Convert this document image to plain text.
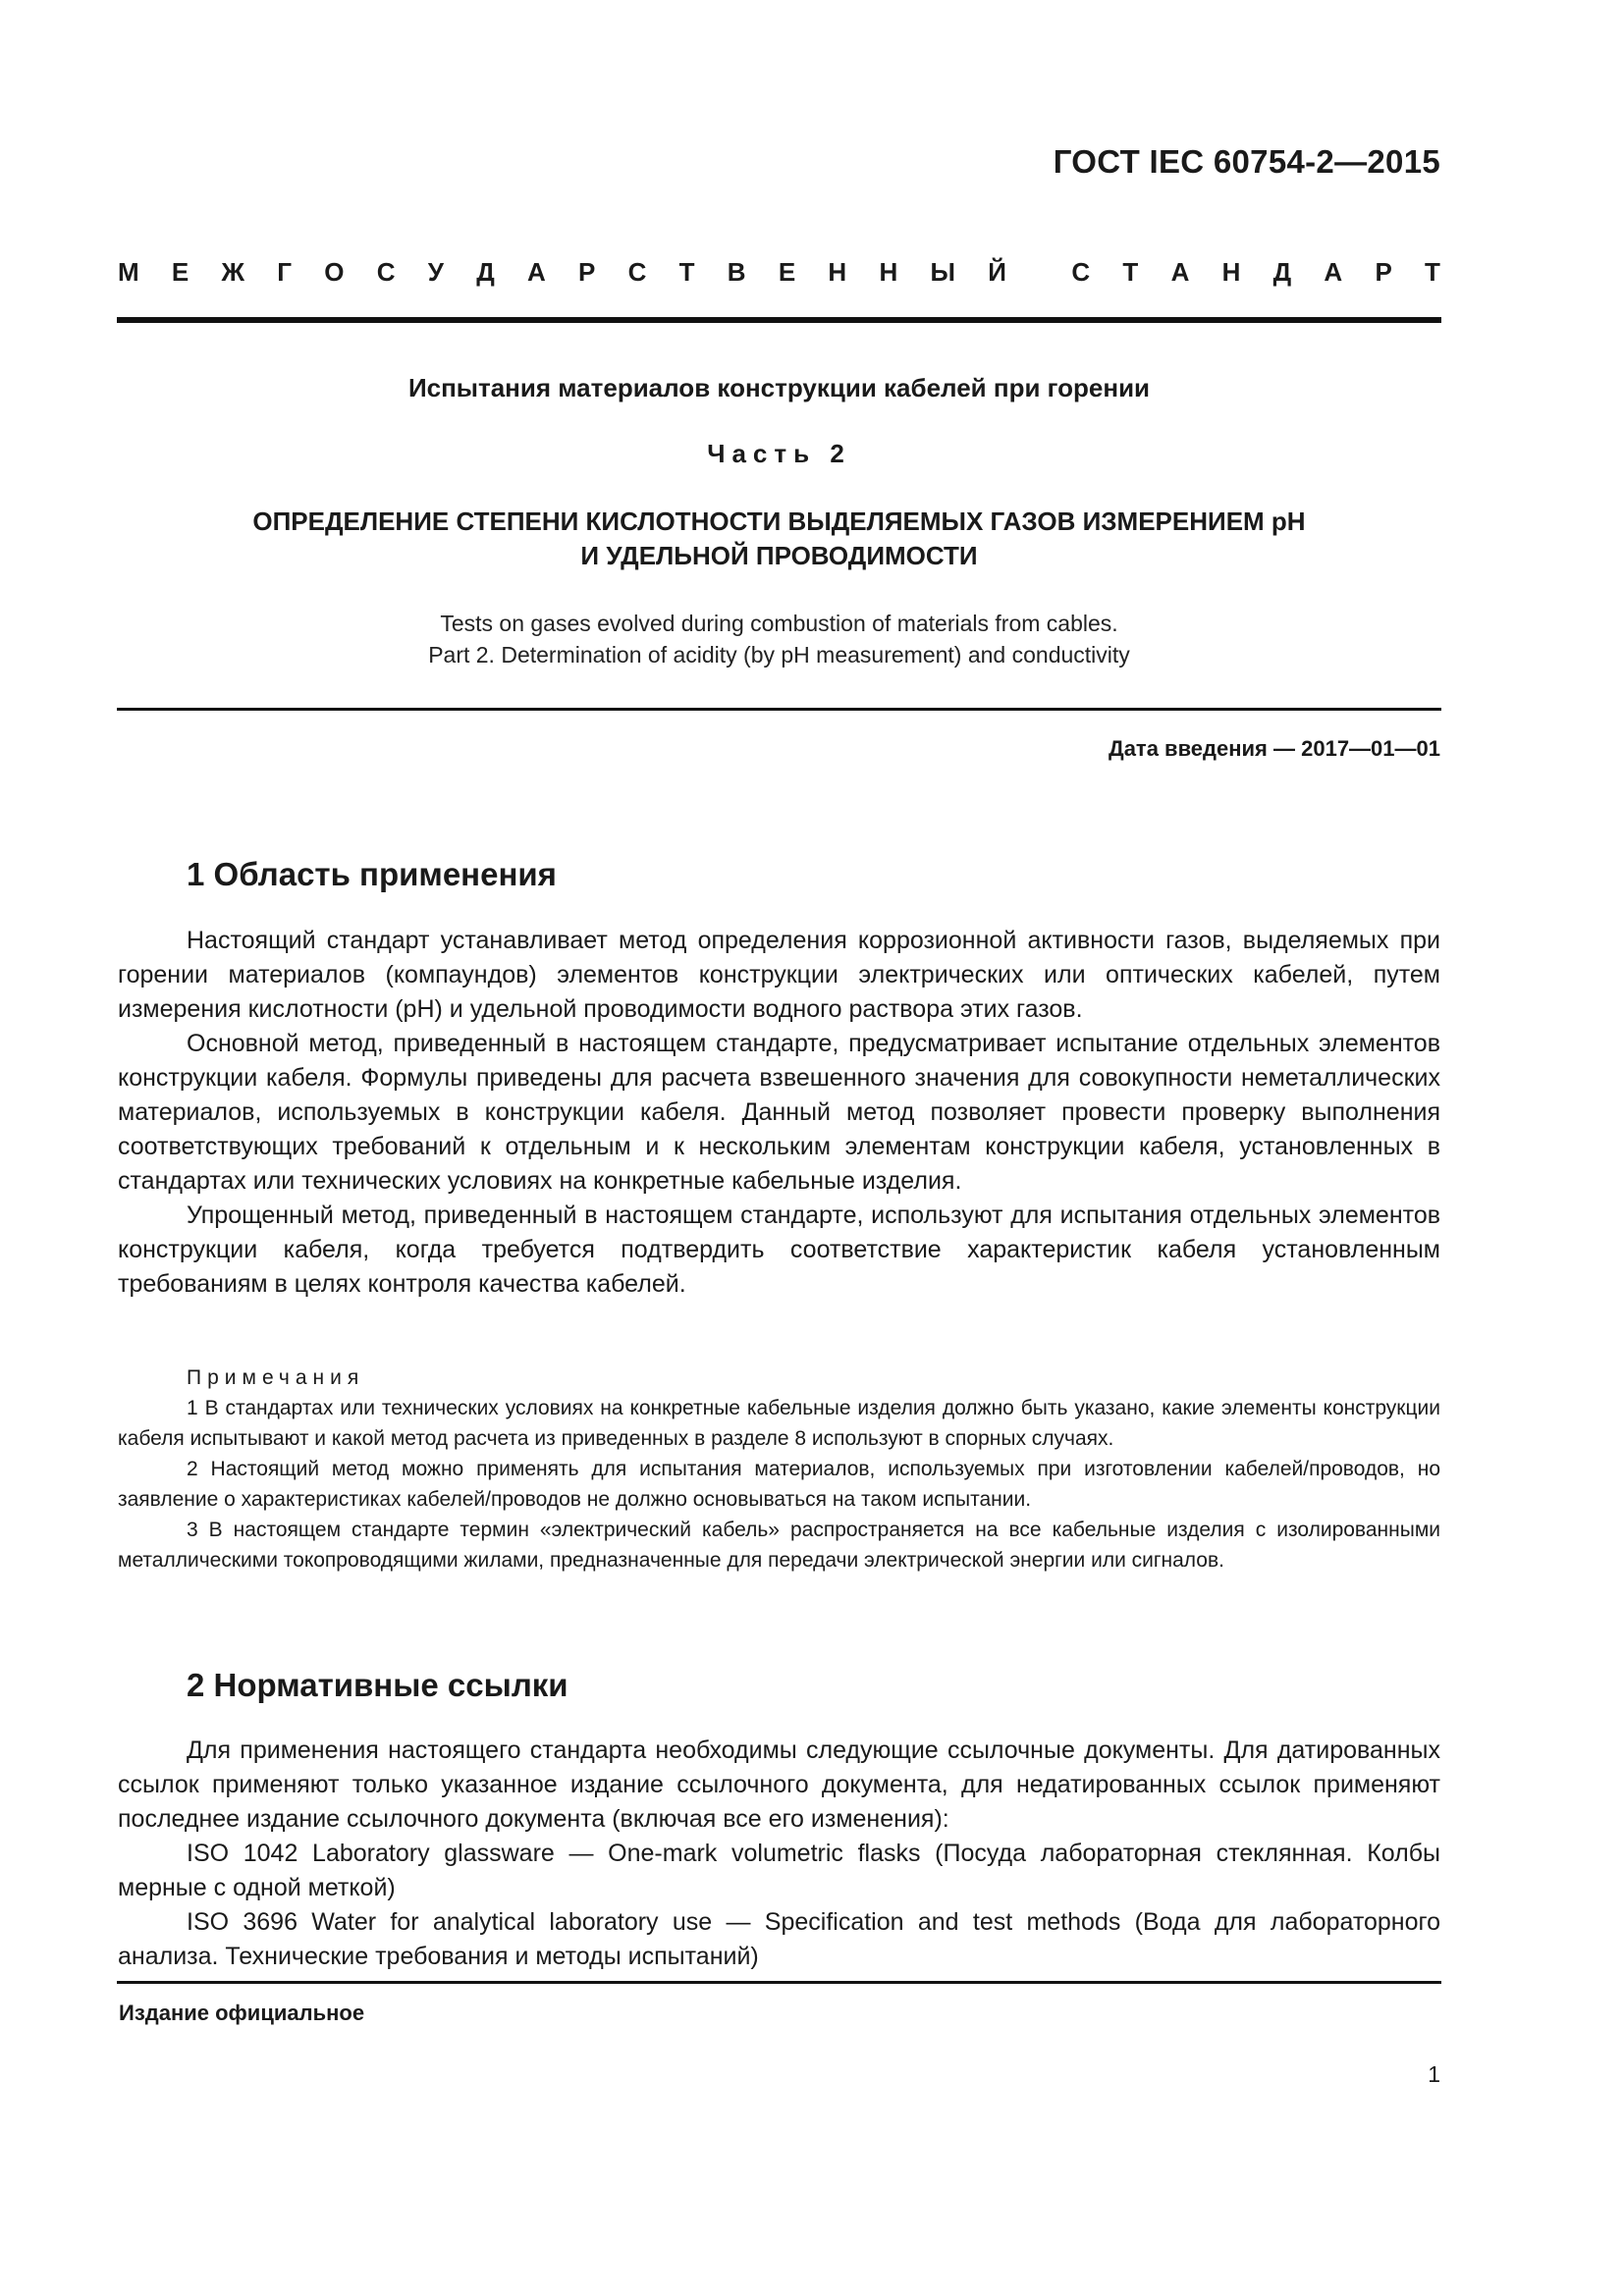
ГОСТ IEC 60754-2—2015
М Е Ж Г О С У Д А Р С Т В Е Н Н Ы Й	С Т А Н Д А Р Т
Испытания материалов конструкции кабелей при горении
Часть 2
ОПРЕДЕЛЕНИЕ СТЕПЕНИ КИСЛОТНОСТИ ВЫДЕЛЯЕМЫХ ГАЗОВ ИЗМЕРЕНИЕМ pH
И УДЕЛЬНОЙ ПРОВОДИМОСТИ
Tests on gases evolved during combustion of materials from cables.
Part 2. Determination of acidity (by pH measurement) and conductivity
Дата введения — 2017—01—01
1 Область применения

Настоящий стандарт устанавливает метод определения коррозионной активности газов, выделяемых при горении материалов (компаундов) элементов конструкции электрических или оптических кабелей, путем измерения кислотности (pH) и удельной проводимости водного раствора этих газов.

Основной метод, приведенный в настоящем стандарте, предусматривает испытание отдельных элементов конструкции кабеля. Формулы приведены для расчета взвешенного значения для совокупности неметаллических материалов, используемых в конструкции кабеля. Данный метод позволяет провести проверку выполнения соответствующих требований к отдельным и к нескольким элементам конструкции кабеля, установленных в стандартах или технических условиях на конкретные кабельные изделия.

Упрощенный метод, приведенный в настоящем стандарте, используют для испытания отдельных элементов конструкции кабеля, когда требуется подтвердить соответствие характеристик кабеля установленным требованиям в целях контроля качества кабелей.

Примечания

1 В стандартах или технических условиях на конкретные кабельные изделия должно быть указано, какие элементы конструкции кабеля испытывают и какой метод расчета из приведенных в разделе 8 используют в спорных случаях.

2 Настоящий метод можно применять для испытания материалов, используемых при изготовлении кабелей/проводов, но заявление о характеристиках кабелей/проводов не должно основываться на таком испытании.

3 В настоящем стандарте термин «электрический кабель» распространяется на все кабельные изделия с изолированными металлическими токопроводящими жилами, предназначенные для передачи электрической энергии или сигналов.

2 Нормативные ссылки

Для применения настоящего стандарта необходимы следующие ссылочные документы. Для датированных ссылок применяют только указанное издание ссылочного документа, для недатированных ссылок применяют последнее издание ссылочного документа (включая все его изменения):

ISO 1042 Laboratory glassware — One-mark volumetric flasks (Посуда лабораторная стеклянная. Колбы мерные с одной меткой)

ISO 3696 Water for analytical laboratory use — Specification and test methods (Вода для лабораторного анализа. Технические требования и методы испытаний)

Издание официальное
1
